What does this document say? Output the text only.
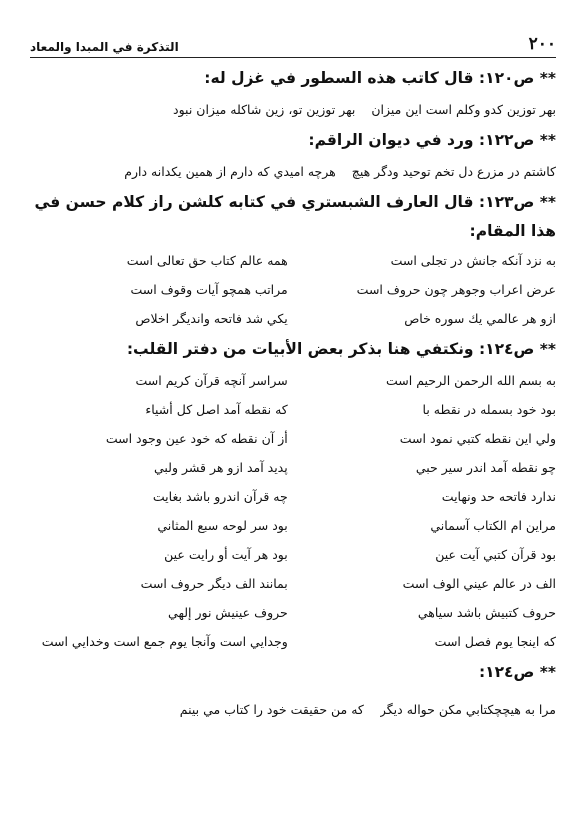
٢٠٠
التذكرة في المبدا والمعاد
** ص١٢٠: قال كاتب هذه السطور في غزل له:
بهر توزين كدو وكلم است اين ميزان
بهر توزين تو، زين شاكله ميزان نبود
** ص١٢٢: ورد في ديوان الراقم:
كاشتم در مزرع دل تخم توحيد ودگر هيچ
هرچه اميدي كه دارم از همين يكدانه دارم
** ص١٢٣: قال العارف الشبستري في كتابه كلشن راز كلام حسن في هذا المقام:
به نزد آنكه جانش در تجلى است
همه عالم كتاب حق تعالى است
عرض اعراب وجوهر چون حروف است
مراتب همچو آيات وقوف است
ازو هر عالمي يك سوره خاص
يكي شد فاتحه وانديگر اخلاص
** ص١٢٤: ونكتفي هنا بذكر بعض الأبيات من دفتر القلب:
به بسم الله الرحمن الرحيم است
سراسر آنچه قرآن كريم است
بود خود بسمله در نقطه با
كه نقطه آمد اصل كل أشياء
ولي اين نقطه كتبي نمود است
أز آن نقطه كه خود عين وجود است
چو نقطه آمد اندر سير حبي
پديد آمد ازو هر قشر ولبي
ندارد فاتحه حد ونهايت
چه قرآن اندرو باشد بغايت
مراين ام الكتاب آسماني
بود سر لوحه سبع المثاني
بود قرآن كتبي آيت عين
بود هر آيت أو رايت عين
الف در عالم عيني الوف است
بمانند الف ديگر حروف است
حروف كتبيش باشد سياهي
حروف عينيش نور إلهي
كه اينجا يوم فصل است
وجدايي است وآنجا يوم جمع است وخدايي است
** ص١٢٤:
مرا به هيچچكتابي مكن حواله ديگر
كه من حقيقت خود را كتاب مي بينم
